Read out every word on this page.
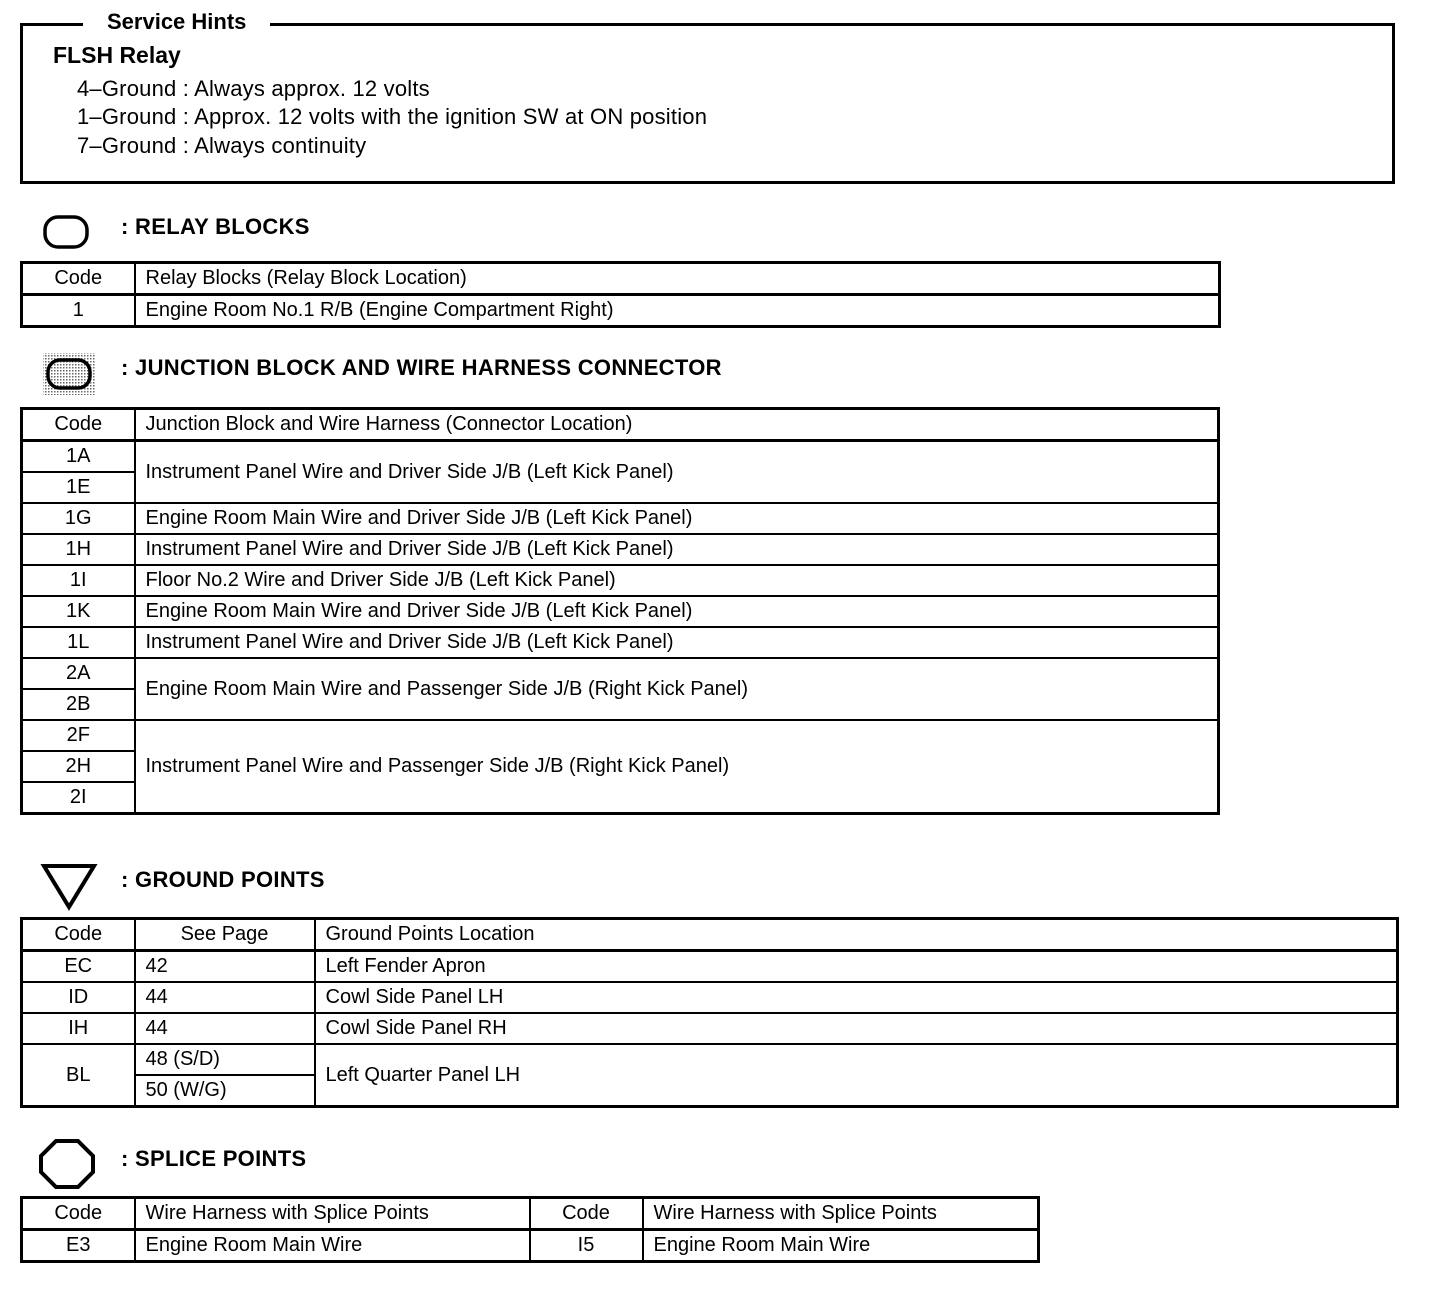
Service Hints
FLSH Relay
4–Ground : Always approx. 12 volts
1–Ground : Approx. 12 volts with the ignition SW at ON position
7–Ground : Always continuity
: RELAY BLOCKS
Code	Relay Blocks (Relay Block Location)
1	Engine Room No.1 R/B (Engine Compartment Right)
: JUNCTION BLOCK AND WIRE HARNESS CONNECTOR
Code	Junction Block and Wire Harness (Connector Location)
1A	Instrument Panel Wire and Driver Side J/B (Left Kick Panel)
1E	
1G	Engine Room Main Wire and Driver Side J/B (Left Kick Panel)
1H	Instrument Panel Wire and Driver Side J/B (Left Kick Panel)
1I	Floor No.2 Wire and Driver Side J/B (Left Kick Panel)
1K	Engine Room Main Wire and Driver Side J/B (Left Kick Panel)
1L	Instrument Panel Wire and Driver Side J/B (Left Kick Panel)
2A	Engine Room Main Wire and Passenger Side J/B (Right Kick Panel)
2B	
2F	Instrument Panel Wire and Passenger Side J/B (Right Kick Panel)
2H	
2I	
: GROUND POINTS
Code	See Page	Ground Points Location
EC	42	Left Fender Apron
ID	44	Cowl Side Panel LH
IH	44	Cowl Side Panel RH
BL	48 (S/D)	Left Quarter Panel LH
	50 (W/G)	
: SPLICE POINTS
Code	Wire Harness with Splice Points	Code	Wire Harness with Splice Points
E3	Engine Room Main Wire	I5	Engine Room Main Wire
